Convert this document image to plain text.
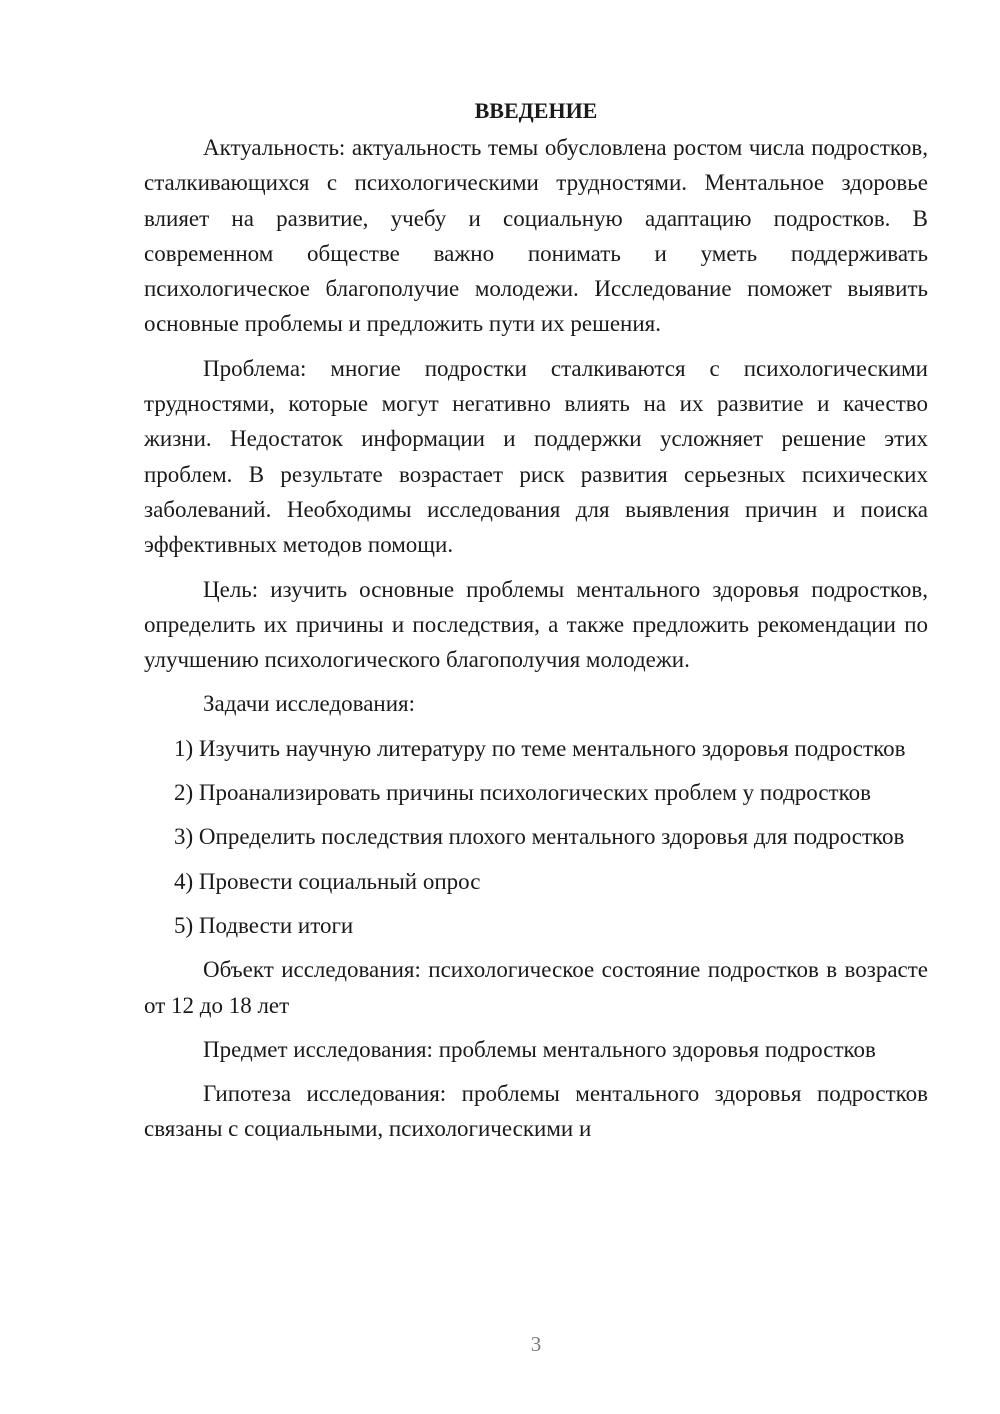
ВВЕДЕНИЕ

Актуальность: актуальность темы обусловлена ростом числа подростков, сталкивающихся с психологическими трудностями. Ментальное здоровье влияет на развитие, учебу и социальную адаптацию подростков. В современном обществе важно понимать и уметь поддерживать психологическое благополучие молодежи. Исследование поможет выявить основные проблемы и предложить пути их решения.

Проблема: многие подростки сталкиваются с психологическими трудностями, которые могут негативно влиять на их развитие и качество жизни. Недостаток информации и поддержки усложняет решение этих проблем. В результате возрастает риск развития серьезных психических заболеваний. Необходимы исследования для выявления причин и поиска эффективных методов помощи.

Цель: изучить основные проблемы ментального здоровья подростков, определить их причины и последствия, а также предложить рекомендации по улучшению психологического благополучия молодежи.

Задачи исследования:

1) Изучить научную литературу по теме ментального здоровья подростков

2) Проанализировать причины психологических проблем у подростков

3) Определить последствия плохого ментального здоровья для подростков

4) Провести социальный опрос

5) Подвести итоги

Объект исследования: психологическое состояние подростков в возрасте от 12 до 18 лет

Предмет исследования: проблемы ментального здоровья подростков

Гипотеза исследования: проблемы ментального здоровья подростков связаны с социальными, психологическими и

3
